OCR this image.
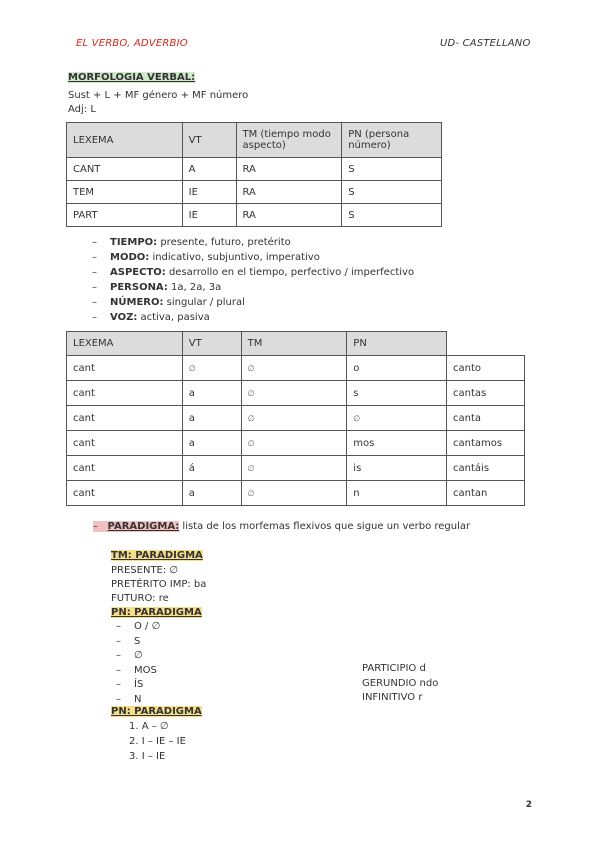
EL VERBO, ADVERBIO	UD- CASTELLANO
MORFOLOGIA VERBAL:
Sust + L + MF género + MF número
Adj: L
LEXEMA	VT	TM (tiempo modo aspecto)	PN (persona número)
CANT	A	RA	S
TEM	IE	RA	S
PART	IE	RA	S
– TIEMPO: presente, futuro, pretérito
– MODO: indicativo, subjuntivo, imperativo
– ASPECTO: desarrollo en el tiempo, perfectivo / imperfectivo
– PERSONA: 1a, 2a, 3a
– NÚMERO: singular / plural
– VOZ: activa, pasiva
LEXEMA	VT	TM	PN	
cant	∅	∅	o	canto
cant	a	∅	s	cantas
cant	a	∅	∅	canta
cant	a	∅	mos	cantamos
cant	á	∅	is	cantáis
cant	a	∅	n	cantan
–   PARADIGMA: lista de los morfemas flexivos que sigue un verbo regular
TM: PARADIGMA
PRESENTE: ∅
PRETÉRITO IMP: ba
FUTURO: re
PN: PARADIGMA
– O / ∅
– S
– ∅
– MOS
– ÍS
– N
PARTICIPIO d
GERUNDIO ndo
INFINITIVO r
PN: PARADIGMA
1. A – ∅
2. I – IE – IE
3. I – IE
2
